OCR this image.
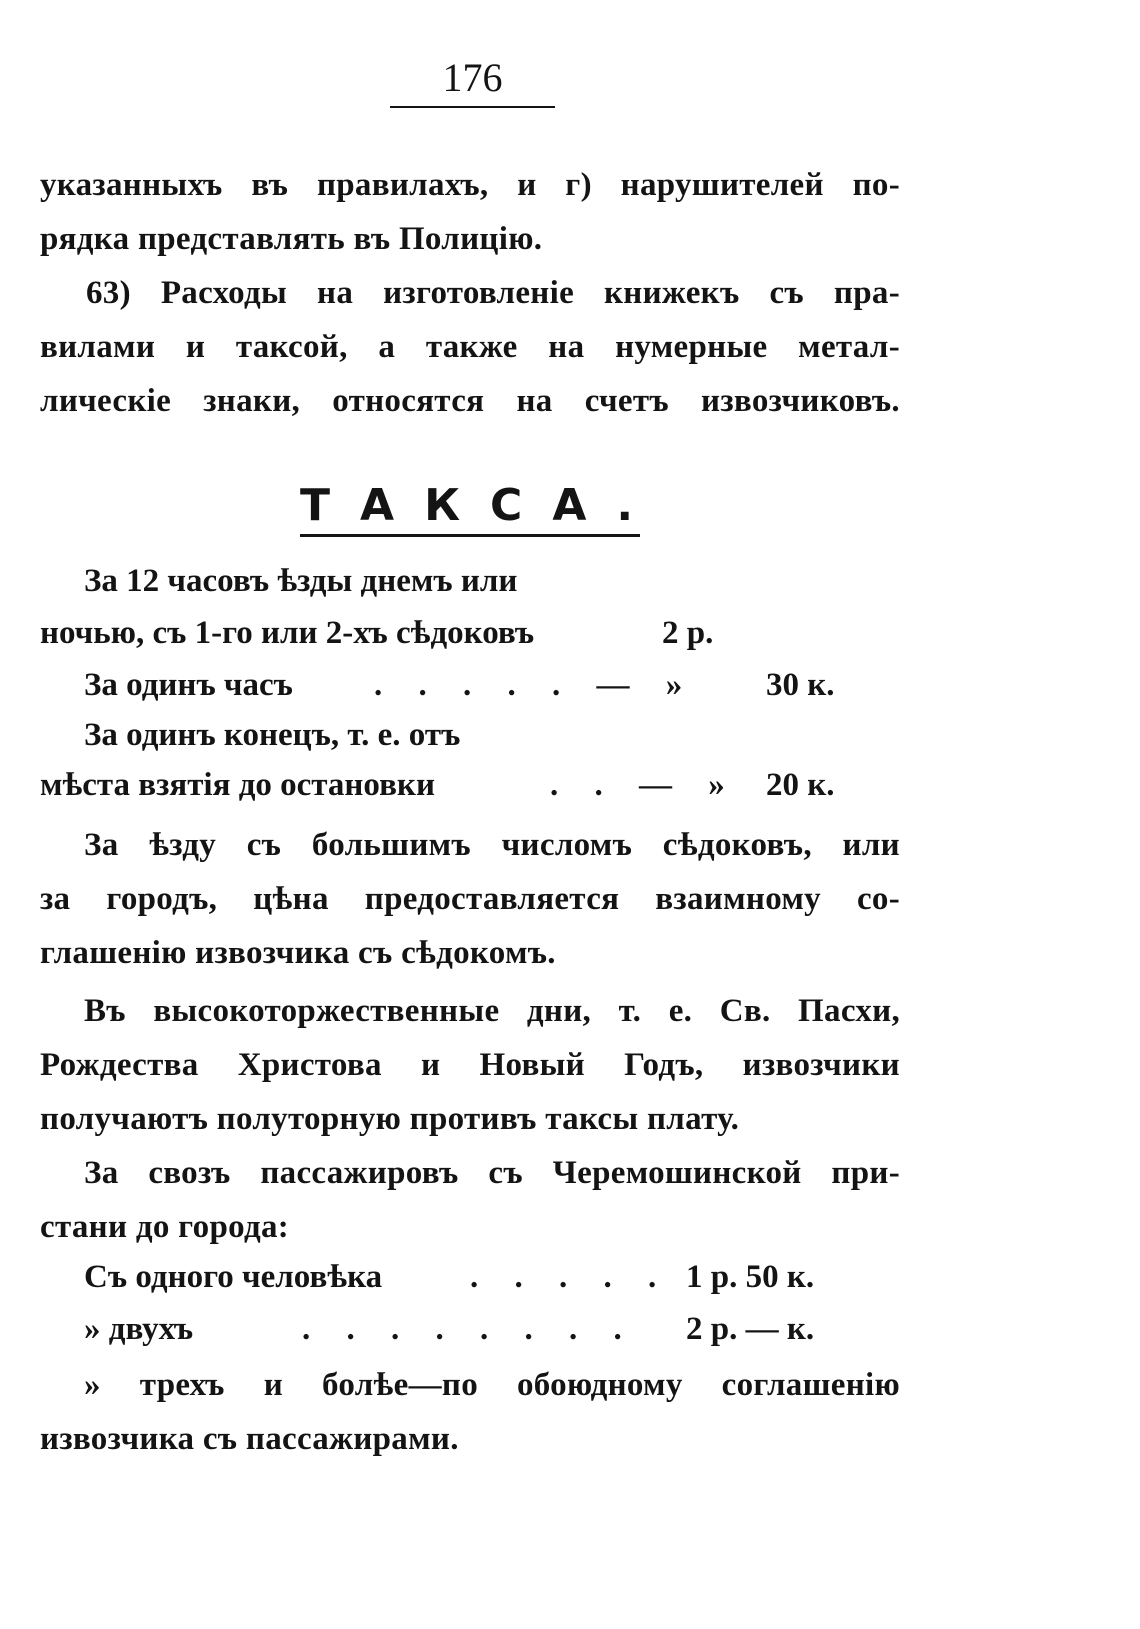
176
указанныхъ въ правилахъ, и г) нарушителей по-
рядка представлять въ Полицію.
63) Расходы на изготовленіе книжекъ съ пра-
вилами и таксой, а также на нумерные метал-
лическіе знаки, относятся на счетъ извозчиковъ.
ТАКСА.
За 12 часовъ ѣзды днемъ или
ночью, съ 1-го или 2-хъ сѣдоковъ	2 р.
За одинъ часъ . . . . . — » 30 к.
За одинъ конецъ, т. е. отъ
мѣста взятія до остановки	. . — » 20 к.
За ѣзду съ большимъ числомъ сѣдоковъ, или
за городъ, цѣна предоставляется взаимному со-
глашенію извозчика съ сѣдокомъ.
Въ высокоторжественные дни, т. е. Св. Пасхи,
Рождества Христова и Новый Годъ, извозчики
получаютъ полуторную противъ таксы плату.
За свозъ пассажировъ съ Черемошинской при-
стани до города:
Съ одного человѣка	. . . . . 1 р. 50 к.
» двухъ	. . . . . . . . 2 р. — к.
» трехъ и болѣе—по обоюдному соглашенію
извозчика съ пассажирами.
